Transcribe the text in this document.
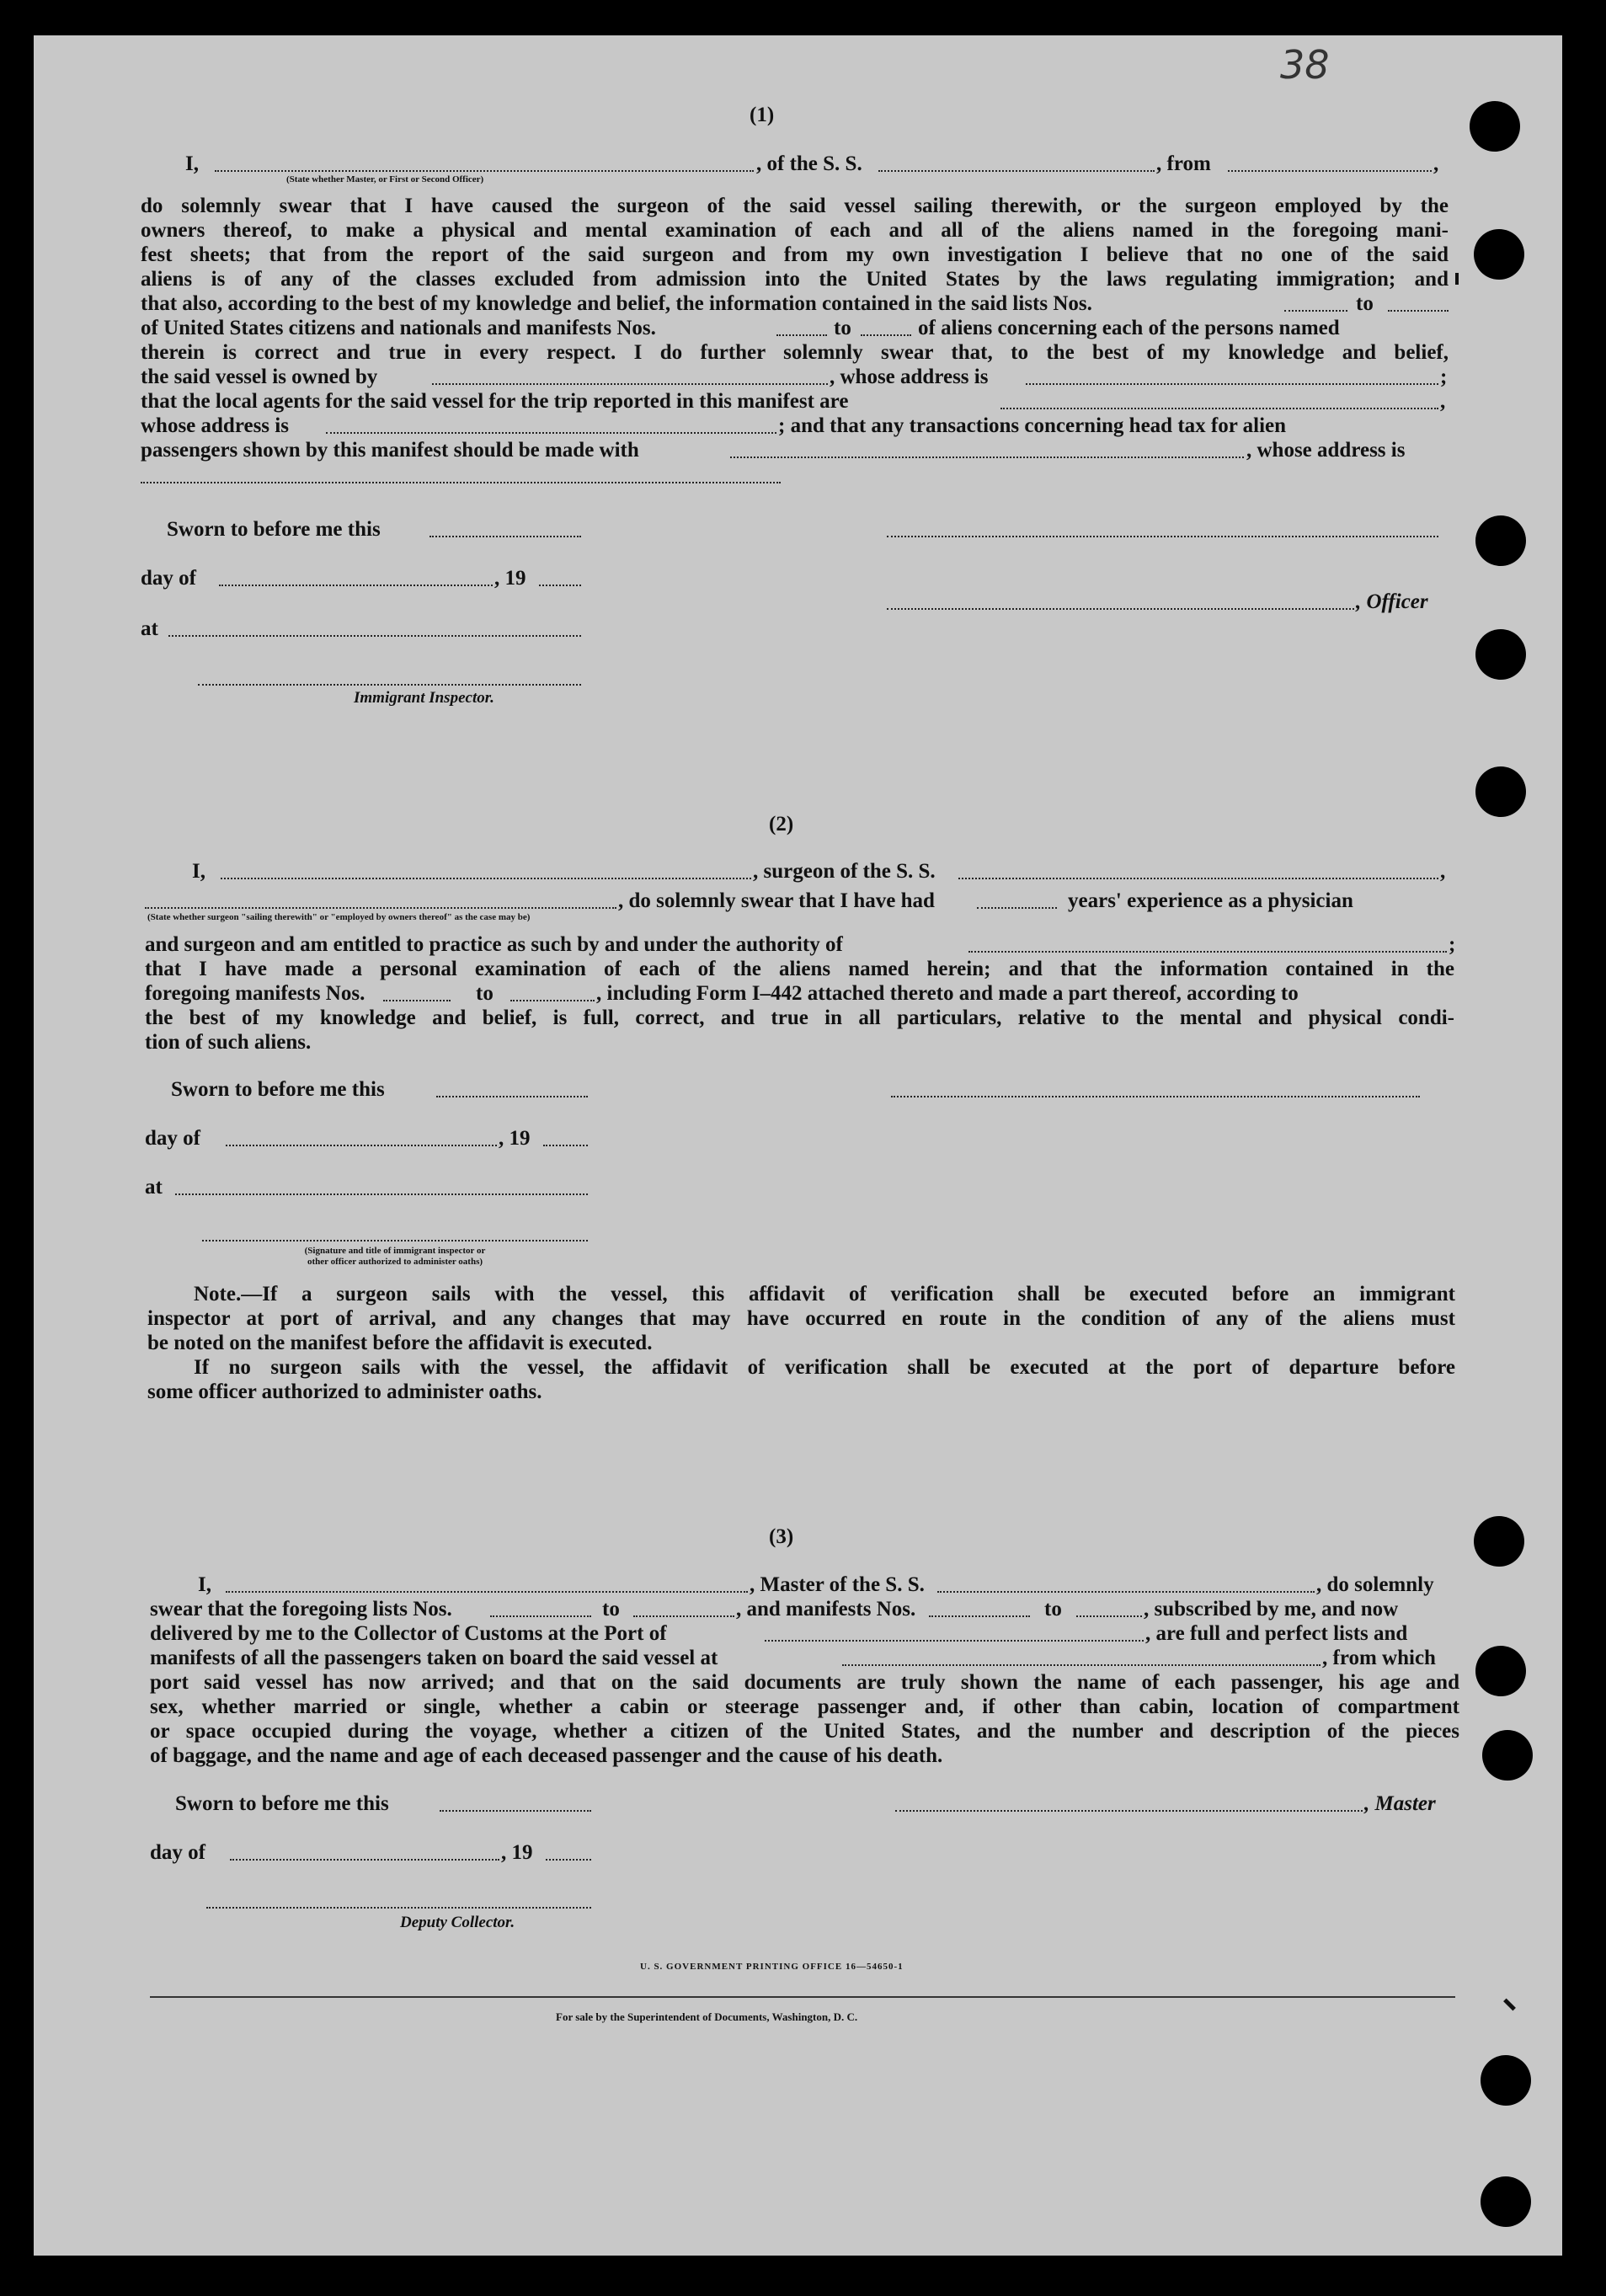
38
(1)
I,	, of the S. S.	, from	,
(State whether Master, or First or Second Officer)
do solemnly swear that I have caused the surgeon of the said vessel sailing therewith, or the surgeon employed by the
owners thereof, to make a physical and mental examination of each and all of the aliens named in the foregoing mani-
fest sheets; that from the report of the said surgeon and from my own investigation I believe that no one of the said
aliens is of any of the classes excluded from admission into the United States by the laws regulating immigration; and
that also, according to the best of my knowledge and belief, the information contained in the said lists Nos.	to
of United States citizens and nationals and manifests Nos.	to	of aliens concerning each of the persons named
therein is correct and true in every respect. I do further solemnly swear that, to the best of my knowledge and belief,
the said vessel is owned by	, whose address is	;
that the local agents for the said vessel for the trip reported in this manifest are	,
whose address is	; and that any transactions concerning head tax for alien
passengers shown by this manifest should be made with	, whose address is
Sworn to before me this
day of	, 19
, Officer
at
Immigrant Inspector.
(2)
I,	, surgeon of the S. S.	,
, do solemnly swear that I have had	years' experience as a physician
(State whether surgeon "sailing therewith" or "employed by owners thereof" as the case may be)
and surgeon and am entitled to practice as such by and under the authority of	;
that I have made a personal examination of each of the aliens named herein; and that the information contained in the
foregoing manifests Nos.	to	, including Form I–442 attached thereto and made a part thereof, according to
the best of my knowledge and belief, is full, correct, and true in all particulars, relative to the mental and physical condi-
tion of such aliens.
Sworn to before me this
day of	, 19
at
(Signature and title of immigrant inspector or
other officer authorized to administer oaths)
Note.—If a surgeon sails with the vessel, this affidavit of verification shall be executed before an immigrant
inspector at port of arrival, and any changes that may have occurred en route in the condition of any of the aliens must
be noted on the manifest before the affidavit is executed.
If no surgeon sails with the vessel, the affidavit of verification shall be executed at the port of departure before
some officer authorized to administer oaths.
(3)
I,	, Master of the S. S.	, do solemnly
swear that the foregoing lists Nos.	to	, and manifests Nos.	to	, subscribed by me, and now
delivered by me to the Collector of Customs at the Port of	, are full and perfect lists and
manifests of all the passengers taken on board the said vessel at	, from which
port said vessel has now arrived; and that on the said documents are truly shown the name of each passenger, his age and
sex, whether married or single, whether a cabin or steerage passenger and, if other than cabin, location of compartment
or space occupied during the voyage, whether a citizen of the United States, and the number and description of the pieces
of baggage, and the name and age of each deceased passenger and the cause of his death.
Sworn to before me this	, Master
day of	, 19
Deputy Collector.
U. S. GOVERNMENT PRINTING OFFICE 16—54650-1
For sale by the Superintendent of Documents, Washington, D. C.
